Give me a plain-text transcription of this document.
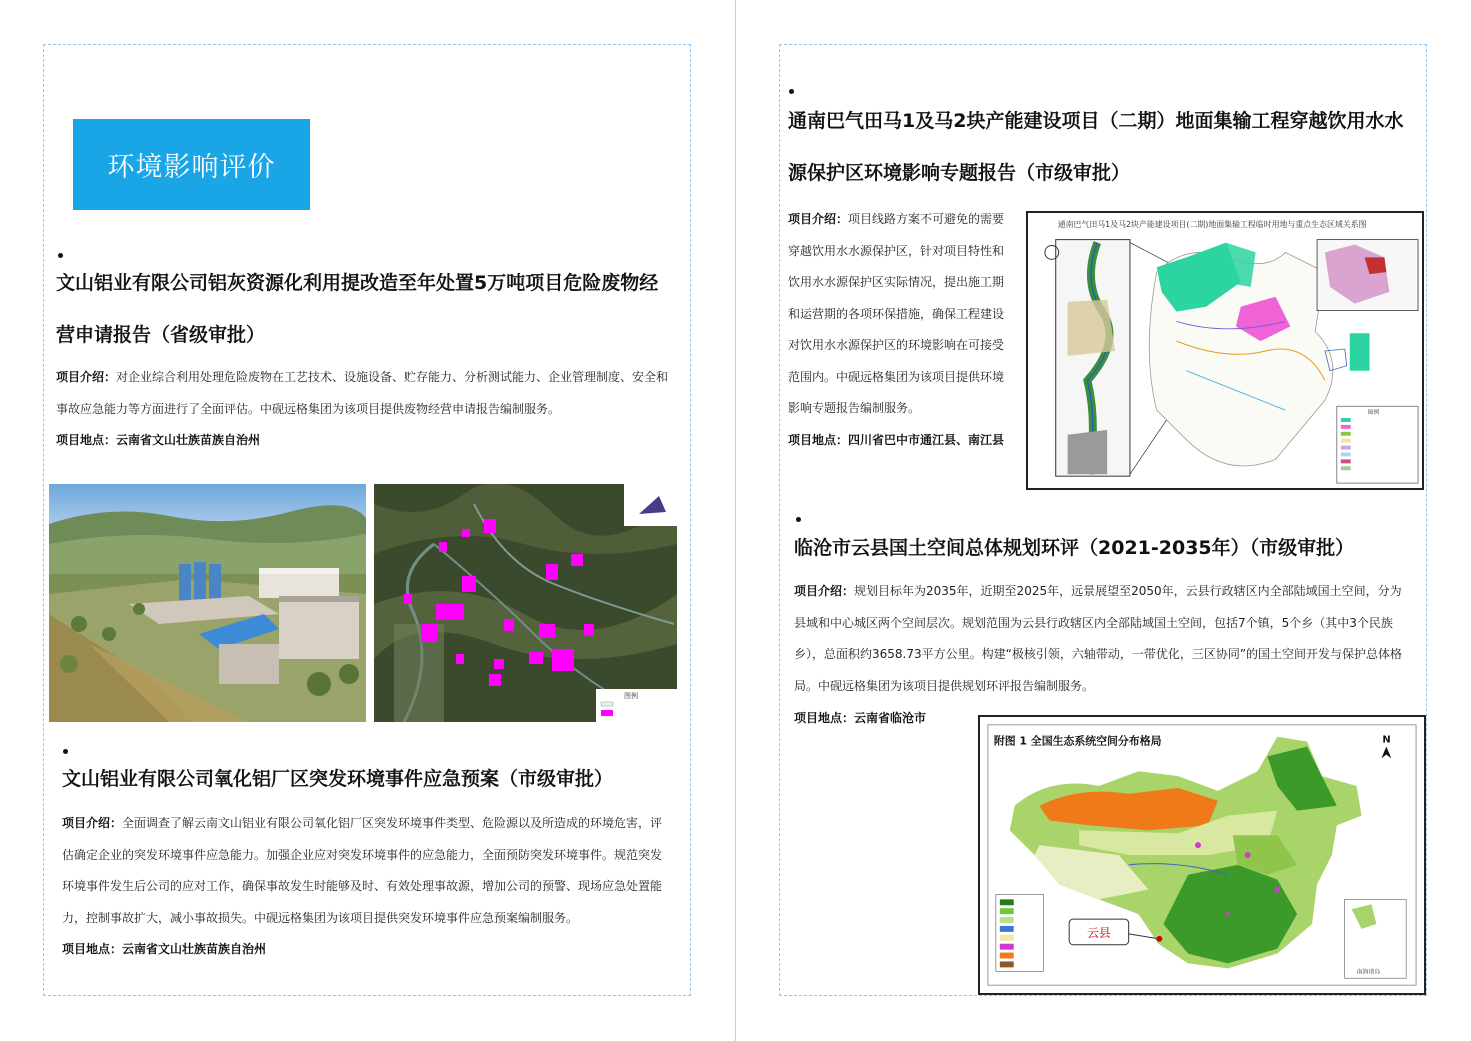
环境影响评价
文山铝业有限公司铝灰资源化利用提改造至年处置5万吨项目危险废物经营申请报告（省级审批）
项目介绍：对企业综合利用处理危险废物在工艺技术、设施设备、贮存能力、分析测试能力、企业管理制度、安全和事故应急能力等方面进行了全面评估。中砚远格集团为该项目提供废物经营申请报告编制服务。
项目地点：云南省文山壮族苗族自治州
图例
文山铝业有限公司氧化铝厂区突发环境事件应急预案（市级审批）
项目介绍：全面调查了解云南文山铝业有限公司氧化铝厂区突发环境事件类型、危险源以及所造成的环境危害，评估确定企业的突发环境事件应急能力。加强企业应对突发环境事件的应急能力，全面预防突发环境事件。规范突发环境事件发生后公司的应对工作，确保事故发生时能够及时、有效处理事故源，增加公司的预警、现场应急处置能力，控制事故扩大，减小事故损失。中砚远格集团为该项目提供突发环境事件应急预案编制服务。
项目地点：云南省文山壮族苗族自治州
通南巴气田马1及马2块产能建设项目（二期）地面集输工程穿越饮用水水源保护区环境影响专题报告（市级审批）
项目介绍：项目线路方案不可避免的需要穿越饮用水水源保护区，针对项目特性和饮用水水源保护区实际情况，提出施工期和运营期的各项环保措施，确保工程建设对饮用水水源保护区的环境影响在可接受范围内。中砚远格集团为该项目提供环境影响专题报告编制服务。
项目地点：四川省巴中市通江县、南江县
通南巴气田马1及马2块产能建设项目(二期)地面集输工程临时用地与重点生态区域关系图
图例
临沧市云县国土空间总体规划环评（2021-2035年）（市级审批）
项目介绍：规划目标年为2035年，近期至2025年，远景展望至2050年，云县行政辖区内全部陆域国土空间，分为县域和中心城区两个空间层次。规划范围为云县行政辖区内全部陆域国土空间，包括7个镇，5个乡（其中3个民族乡），总面积约3658.73平方公里。构建“极核引领，六轴带动，一带优化，三区协同”的国土空间开发与保护总体格局。中砚远格集团为该项目提供规划环评报告编制服务。
项目地点：云南省临沧市
附图 1 全国生态系统空间分布格局
云县
南海诸岛
N
